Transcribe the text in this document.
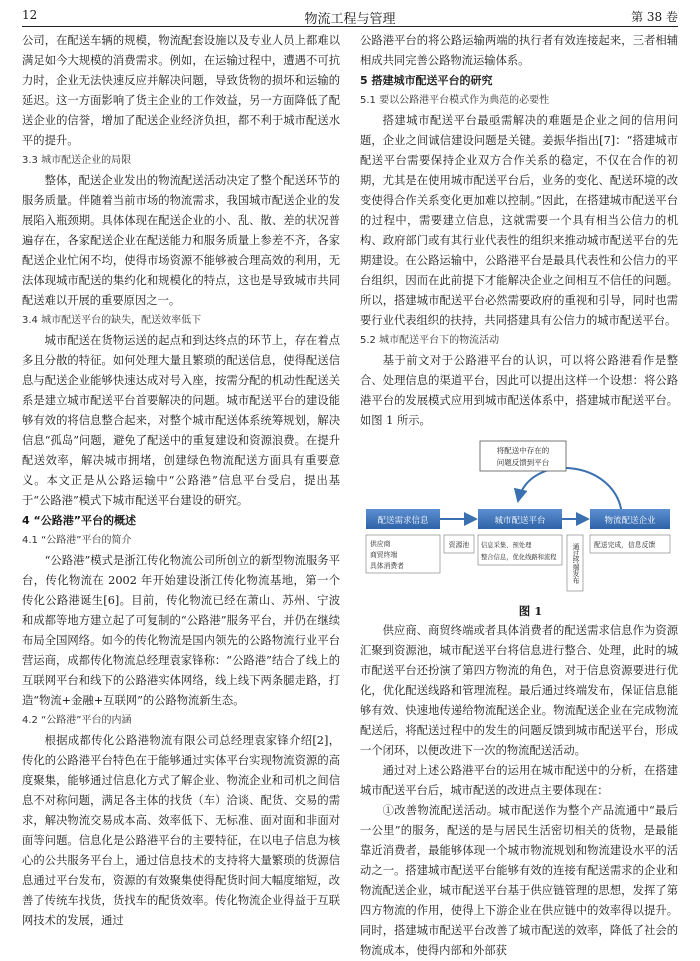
12	物流工程与管理	第 38 卷

公司，在配送车辆的规模，物流配套设施以及专业人员上都难以满足如今大规模的消费需求。例如，在运输过程中，遭遇不可抗力时，企业无法快速反应并解决问题，导致货物的损坏和运输的延迟。这一方面影响了货主企业的工作效益，另一方面降低了配送企业的信誉，增加了配送企业经济负担，都不利于城市配送水平的提升。

3.3 城市配送企业的局限

整体，配送企业发出的物流配送活动决定了整个配送环节的服务质量。伴随着当前市场的物流需求，我国城市配送企业的发展陷入瓶颈期。具体体现在配送企业的小、乱、散、差的状况普遍存在，各家配送企业在配送能力和服务质量上参差不齐，各家配送企业忙闲不均，使得市场资源不能够被合理高效的利用，无法体现城市配送的集约化和规模化的特点，这也是导致城市共同配送难以开展的重要原因之一。

3.4 城市配送平台的缺失，配送效率低下

城市配送在货物运送的起点和到达终点的环节上，存在着点多且分散的特征。如何处理大量且繁琐的配送信息，使得配送信息与配送企业能够快速达成对号入座，按需分配的机动性配送关系是建立城市配送平台首要解决的问题。城市配送平台的建设能够有效的将信息整合起来，对整个城市配送体系统筹规划，解决信息“孤岛”问题，避免了配送中的重复建设和资源浪费。在提升配送效率，解决城市拥堵，创建绿色物流配送方面具有重要意义。本文正是从公路运输中“公路港”信息平台受启，提出基于“公路港”模式下城市配送平台建设的研究。

4 “公路港”平台的概述
4.1 “公路港”平台的简介

“公路港”模式是浙江传化物流公司所创立的新型物流服务平台，传化物流在 2002 年开始建设浙江传化物流基地，第一个传化公路港诞生[6]。目前，传化物流已经在萧山、苏州、宁波和成都等地方建立起了可复制的“公路港”服务平台，并仍在继续布局全国网络。如今的传化物流是国内领先的公路物流行业平台营运商，成都传化物流总经理袁家锋称：“公路港”结合了线上的互联网平台和线下的公路港实体网络，线上线下两条腿走路，打造“物流+金融+互联网”的公路物流新生态。

4.2 “公路港”平台的内涵

根据成都传化公路港物流有限公司总经理袁家锋介绍[2]，传化的公路港平台特色在于能够通过实体平台实现物流资源的高度聚集，能够通过信息化方式了解企业、物流企业和司机之间信息不对称问题，满足各主体的找货（车）洽谈、配货、交易的需求，解决物流交易成本高、效率低下、无标准、面对面和非面对面等问题。信息化是公路港平台的主要特征，在以电子信息为核心的公共服务平台上，通过信息技术的支持将大量繁琐的货源信息通过平台发布，资源的有效聚集使得配货时间大幅度缩短，改善了传统车找货，货找车的配货效率。传化物流企业得益于互联网技术的发展，通过

公路港平台的将公路运输两端的执行者有效连接起来，三者相辅相成共同完善公路物流运输体系。

5 搭建城市配送平台的研究
5.1 要以公路港平台模式作为典范的必要性

搭建城市配送平台最亟需解决的难题是企业之间的信用问题，企业之间诚信建设问题是关键。姜振华指出[7]：“搭建城市配送平台需要保持企业双方合作关系的稳定，不仅在合作的初期，尤其是在使用城市配送平台后，业务的变化、配送环境的改变使得合作关系变化更加难以控制。”因此，在搭建城市配送平台的过程中，需要建立信息，这就需要一个具有相当公信力的机构、政府部门或有其行业代表性的组织来推动城市配送平台的先期建设。在公路运输中，公路港平台是最具代表性和公信力的平台组织，因而在此前提下才能解决企业之间相互不信任的问题。所以，搭建城市配送平台必然需要政府的重视和引导，同时也需要行业代表组织的扶持，共同搭建具有公信力的城市配送平台。

5.2 城市配送平台下的物流活动

基于前文对于公路港平台的认识，可以将公路港看作是整合、处理信息的渠道平台，因此可以提出这样一个设想：将公路港平台的发展模式应用到城市配送体系中，搭建城市配送平台。如图 1 所示。

将配送中存在的
问题反馈到平台
配送需求信息	城市配送平台	物流配送企业
供应商
商贸终端
具体消费者
资源池 信息采集、预处理
整合信息，优化线路和流程 通过终端发布 配送完成，信息反馈

图 1

供应商、商贸终端或者具体消费者的配送需求信息作为资源汇聚到资源池，城市配送平台将信息进行整合、处理，此时的城市配送平台还扮演了第四方物流的角色，对于信息资源要进行优化，优化配送线路和管理流程。最后通过终端发布，保证信息能够有效、快速地传递给物流配送企业。物流配送企业在完成物流配送后，将配送过程中的发生的问题反馈到城市配送平台，形成一个闭环，以便改进下一次的物流配送活动。

通过对上述公路港平台的运用在城市配送中的分析，在搭建城市配送平台后，城市配送的改进点主要体现在：

①改善物流配送活动。城市配送作为整个产品流通中“最后一公里”的服务，配送的是与居民生活密切相关的货物，是最能靠近消费者，最能够体现一个城市物流规划和物流建设水平的活动之一。搭建城市配送平台能够有效的连接有配送需求的企业和物流配送企业，城市配送平台基于供应链管理的思想，发挥了第四方物流的作用，使得上下游企业在供应链中的效率得以提升。同时，搭建城市配送平台改善了城市配送的效率，降低了社会的物流成本，使得内部和外部获
